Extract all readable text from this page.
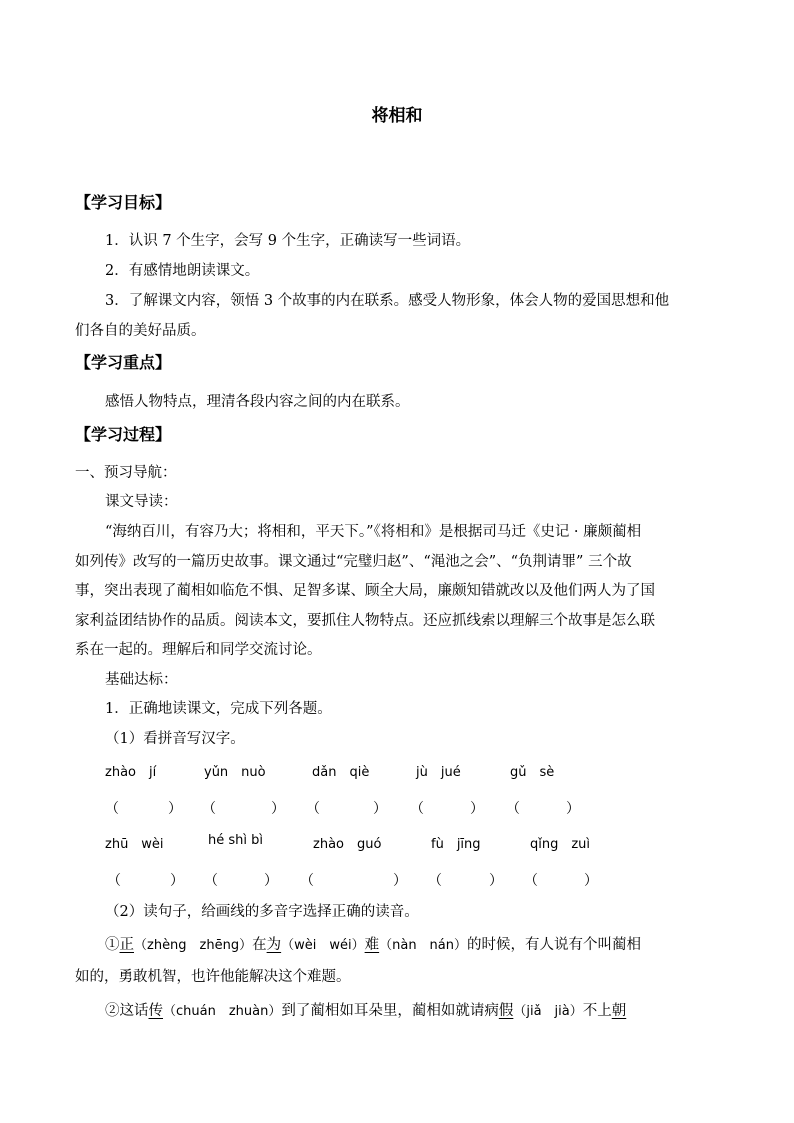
将相和
【学习目标】
1．认识 7 个生字，会写 9 个生字，正确读写一些词语。
2．有感情地朗读课文。
3．了解课文内容，领悟 3 个故事的内在联系。感受人物形象，体会人物的爱国思想和他
们各自的美好品质。
【学习重点】
感悟人物特点，理清各段内容之间的内在联系。
【学习过程】
一、预习导航：
课文导读：
“海纳百川，有容乃大；将相和，平天下。”《将相和》是根据司马迁《史记 · 廉颇蔺相
如列传》改写的一篇历史故事。课文通过“完璧归赵”、“渑池之会”、“负荆请罪” 三个故
事，突出表现了蔺相如临危不惧、足智多谋、顾全大局，廉颇知错就改以及他们两人为了国
家利益团结协作的品质。阅读本文，要抓住人物特点。还应抓线索以理解三个故事是怎么联
系在一起的。理解后和同学交流讨论。
基础达标：
1．正确地读课文，完成下列各题。
（1）看拼音写汉字。
zhào　jí	yǔn　nuò	dǎn　qiè	jù　jué	gǔ　sè
（	） （	） （	） （	） （	）
zhū　wèi	hé shì bì	zhào　guó	fù　jīng	qǐng　zuì
（	） （	） （	） （	） （	）
（2）读句子，给画线的多音字选择正确的读音。
①正（zhèng　zhēng）在为（wèi　wéi）难（nàn　nán）的时候，有人说有个叫蔺相
如的，勇敢机智，也许他能解决这个难题。
②这话传（chuán　zhuàn）到了蔺相如耳朵里，蔺相如就请病假（jiǎ　jià）不上朝
